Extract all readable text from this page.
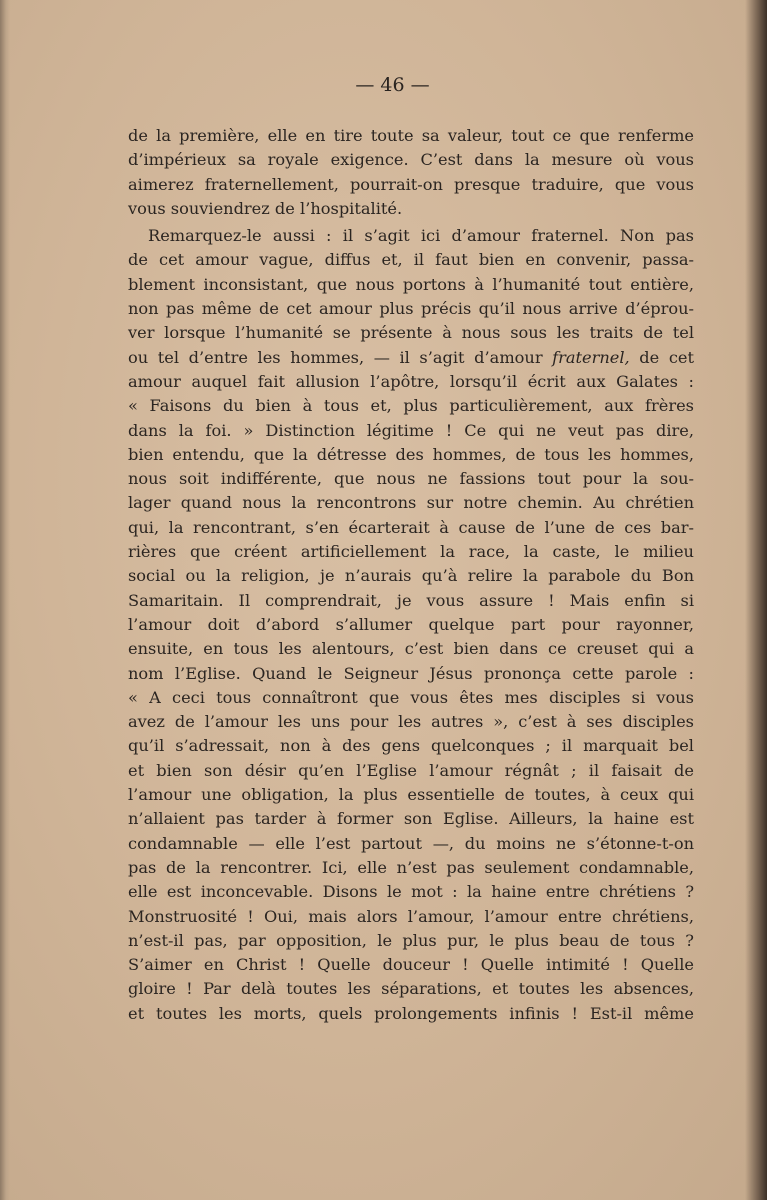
— 46 —

de la première, elle en tire toute sa valeur, tout ce que renferme
d’impérieux sa royale exigence. C’est dans la mesure où vous
aimerez fraternellement, pourrait-on presque traduire, que vous
vous souviendrez de l’hospitalité.
Remarquez-le aussi : il s’agit ici d’amour fraternel. Non pas
de cet amour vague, diffus et, il faut bien en convenir, passa-
blement inconsistant, que nous portons à l’humanité tout entière,
non pas même de cet amour plus précis qu’il nous arrive d’éprou-
ver lorsque l’humanité se présente à nous sous les traits de tel
ou tel d’entre les hommes, — il s’agit d’amour fraternel, de cet
amour auquel fait allusion l’apôtre, lorsqu’il écrit aux Galates :
« Faisons du bien à tous et, plus particulièrement, aux frères
dans la foi. » Distinction légitime ! Ce qui ne veut pas dire,
bien entendu, que la détresse des hommes, de tous les hommes,
nous soit indifférente, que nous ne fassions tout pour la sou-
lager quand nous la rencontrons sur notre chemin. Au chrétien
qui, la rencontrant, s’en écarterait à cause de l’une de ces bar-
rières que créent artificiellement la race, la caste, le milieu
social ou la religion, je n’aurais qu’à relire la parabole du Bon
Samaritain. Il comprendrait, je vous assure ! Mais enfin si
l’amour doit d’abord s’allumer quelque part pour rayonner,
ensuite, en tous les alentours, c’est bien dans ce creuset qui a
nom l’Eglise. Quand le Seigneur Jésus prononça cette parole :
« A ceci tous connaîtront que vous êtes mes disciples si vous
avez de l’amour les uns pour les autres », c’est à ses disciples
qu’il s’adressait, non à des gens quelconques ; il marquait bel
et bien son désir qu’en l’Eglise l’amour régnât ; il faisait de
l’amour une obligation, la plus essentielle de toutes, à ceux qui
n’allaient pas tarder à former son Eglise. Ailleurs, la haine est
condamnable — elle l’est partout —, du moins ne s’étonne-t-on
pas de la rencontrer. Ici, elle n’est pas seulement condamnable,
elle est inconcevable. Disons le mot : la haine entre chrétiens ?
Monstruosité ! Oui, mais alors l’amour, l’amour entre chrétiens,
n’est-il pas, par opposition, le plus pur, le plus beau de tous ?
S’aimer en Christ ! Quelle douceur ! Quelle intimité ! Quelle
gloire ! Par delà toutes les séparations, et toutes les absences,
et toutes les morts, quels prolongements infinis ! Est-il même
